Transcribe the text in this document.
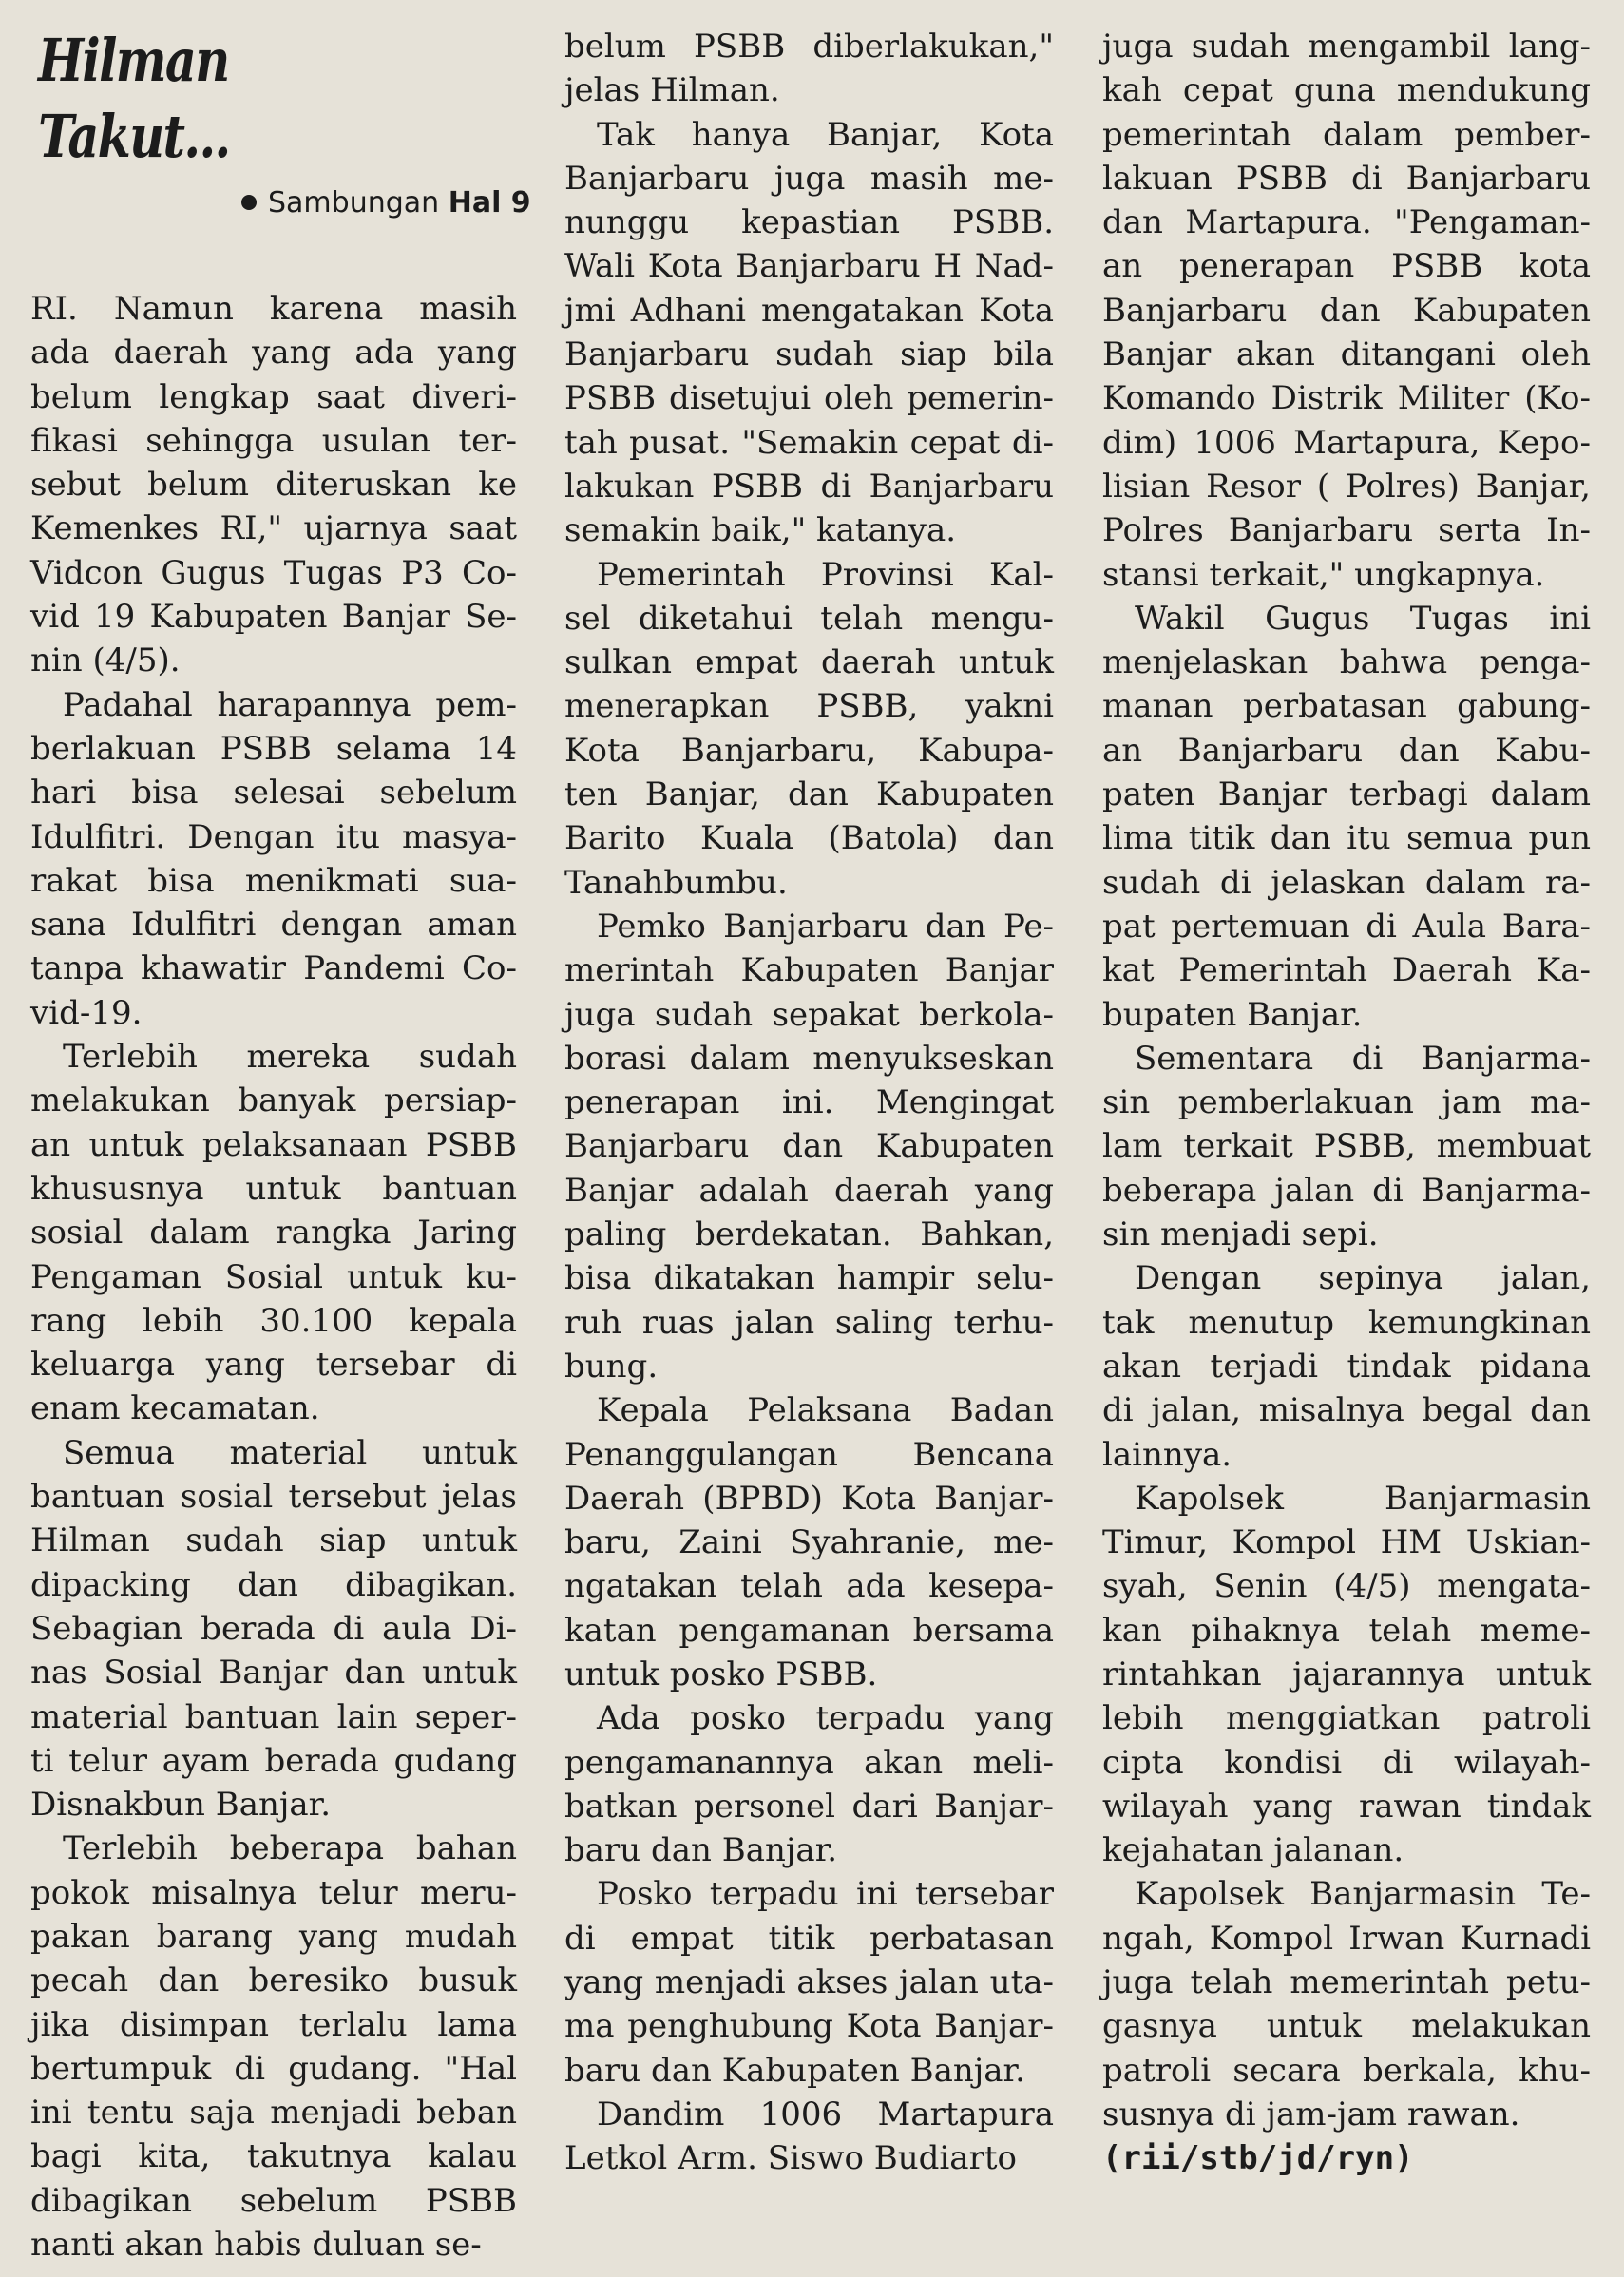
Hilman Takut...
Sambungan Hal 9
RI. Namun karena masih
ada daerah yang ada yang
belum lengkap saat diveri-
fikasi sehingga usulan ter-
sebut belum diteruskan ke
Kemenkes RI," ujarnya saat
Vidcon Gugus Tugas P3 Co-
vid 19 Kabupaten Banjar Se-
nin (4/5).
Padahal harapannya pem-
berlakuan PSBB selama 14
hari bisa selesai sebelum
Idulfitri. Dengan itu masya-
rakat bisa menikmati sua-
sana Idulfitri dengan aman
tanpa khawatir Pandemi Co-
vid-19.
Terlebih mereka sudah
melakukan banyak persiap-
an untuk pelaksanaan PSBB
khususnya untuk bantuan
sosial dalam rangka Jaring
Pengaman Sosial untuk ku-
rang lebih 30.100 kepala
keluarga yang tersebar di
enam kecamatan.
Semua material untuk
bantuan sosial tersebut jelas
Hilman sudah siap untuk
dipacking dan dibagikan.
Sebagian berada di aula Di-
nas Sosial Banjar dan untuk
material bantuan lain seper-
ti telur ayam berada gudang
Disnakbun Banjar.
Terlebih beberapa bahan
pokok misalnya telur meru-
pakan barang yang mudah
pecah dan beresiko busuk
jika disimpan terlalu lama
bertumpuk di gudang. "Hal
ini tentu saja menjadi beban
bagi kita, takutnya kalau
dibagikan sebelum PSBB
nanti akan habis duluan se-
belum PSBB diberlakukan,"
jelas Hilman.
Tak hanya Banjar, Kota
Banjarbaru juga masih me-
nunggu kepastian PSBB.
Wali Kota Banjarbaru H Nad-
jmi Adhani mengatakan Kota
Banjarbaru sudah siap bila
PSBB disetujui oleh pemerin-
tah pusat. "Semakin cepat di-
lakukan PSBB di Banjarbaru
semakin baik," katanya.
Pemerintah Provinsi Kal-
sel diketahui telah mengu-
sulkan empat daerah untuk
menerapkan PSBB, yakni
Kota Banjarbaru, Kabupa-
ten Banjar, dan Kabupaten
Barito Kuala (Batola) dan
Tanahbumbu.
Pemko Banjarbaru dan Pe-
merintah Kabupaten Banjar
juga sudah sepakat berkola-
borasi dalam menyukseskan
penerapan ini. Mengingat
Banjarbaru dan Kabupaten
Banjar adalah daerah yang
paling berdekatan. Bahkan,
bisa dikatakan hampir selu-
ruh ruas jalan saling terhu-
bung.
Kepala Pelaksana Badan
Penanggulangan Bencana
Daerah (BPBD) Kota Banjar-
baru, Zaini Syahranie, me-
ngatakan telah ada kesepa-
katan pengamanan bersama
untuk posko PSBB.
Ada posko terpadu yang
pengamanannya akan meli-
batkan personel dari Banjar-
baru dan Banjar.
Posko terpadu ini tersebar
di empat titik perbatasan
yang menjadi akses jalan uta-
ma penghubung Kota Banjar-
baru dan Kabupaten Banjar.
Dandim 1006 Martapura
Letkol Arm. Siswo Budiarto
juga sudah mengambil lang-
kah cepat guna mendukung
pemerintah dalam pember-
lakuan PSBB di Banjarbaru
dan Martapura. "Pengaman-
an penerapan PSBB kota
Banjarbaru dan Kabupaten
Banjar akan ditangani oleh
Komando Distrik Militer (Ko-
dim) 1006 Martapura, Kepo-
lisian Resor ( Polres) Banjar,
Polres Banjarbaru serta In-
stansi terkait," ungkapnya.
Wakil Gugus Tugas ini
menjelaskan bahwa penga-
manan perbatasan gabung-
an Banjarbaru dan Kabu-
paten Banjar terbagi dalam
lima titik dan itu semua pun
sudah di jelaskan dalam ra-
pat pertemuan di Aula Bara-
kat Pemerintah Daerah Ka-
bupaten Banjar.
Sementara di Banjarma-
sin pemberlakuan jam ma-
lam terkait PSBB, membuat
beberapa jalan di Banjarma-
sin menjadi sepi.
Dengan sepinya jalan,
tak menutup kemungkinan
akan terjadi tindak pidana
di jalan, misalnya begal dan
lainnya.
Kapolsek Banjarmasin
Timur, Kompol HM Uskian-
syah, Senin (4/5) mengata-
kan pihaknya telah meme-
rintahkan jajarannya untuk
lebih menggiatkan patroli
cipta kondisi di wilayah-
wilayah yang rawan tindak
kejahatan jalanan.
Kapolsek Banjarmasin Te-
ngah, Kompol Irwan Kurnadi
juga telah memerintah petu-
gasnya untuk melakukan
patroli secara berkala, khu-
susnya di jam-jam rawan.
(rii/stb/jd/ryn)
